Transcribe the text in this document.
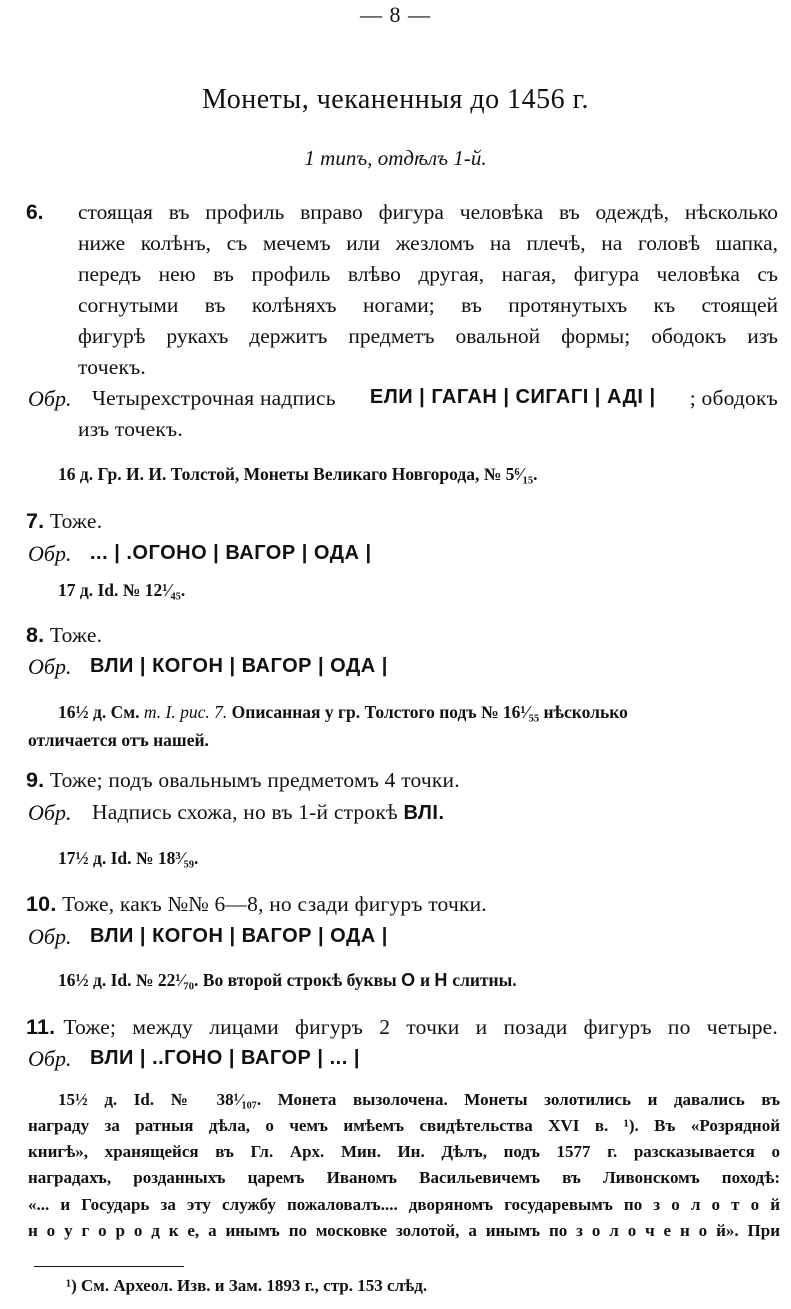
— 8 —
Монеты, чеканенныя до 1456 г.
1 типъ, отдѣлъ 1-й.
6. стоящая въ профиль вправо фигура человѣка въ одеждѣ, нѣсколько
ниже колѣнъ, съ мечемъ или жезломъ на плечѣ, на головѣ шапка,
передъ нею въ профиль влѣво другая, нагая, фигура человѣка съ
согнутыми въ колѣняхъ ногами; въ протянутыхъ къ стоящей
фигурѣ рукахъ держитъ предметъ овальной формы; ободокъ изъ
точекъ.
Обр. Четырехстрочная надпись ЕЛИ | ГАГАН | СИГАГI | АДI | ; ободокъ
изъ точекъ.
16 д. Гр. И. И. Толстой, Монеты Великаго Новгорода, № 5⁶⁄₁₅.
7. Тоже.
Обр. ... | .ОГОНО | ВАГОР | ОДА |
17 д. Id. № 12¹⁄₄₅.
8. Тоже.
Обр. ВЛИ | КОГОН | ВАГОР | ОДА |
16½ д. См. т. I. рис. 7. Описанная у гр. Толстого подъ № 16¹⁄₅₅ нѣсколько
отличается отъ нашей.
9. Тоже; подъ овальнымъ предметомъ 4 точки.
Обр. Надпись схожа, но въ 1-й строкѣ ВЛI.
17½ д. Id. № 18³⁄₅₉.
10. Тоже, какъ №№ 6—8, но сзади фигуръ точки.
Обр. ВЛИ | КОГОН | ВАГОР | ОДА |
16½ д. Id. № 22¹⁄₇₀. Во второй строкѣ буквы О и Н слитны.
11. Тоже; между лицами фигуръ 2 точки и позади фигуръ по четыре.
Обр. ВЛИ | ..ГОНО | ВАГОР | ... |
15½ д. Id. № 38¹⁄₁₀₇. Монета вызолочена. Монеты золотились и давались въ
награду за ратныя дѣла, о чемъ имѣемъ свидѣтельства XVI в. ¹). Въ «Розрядной
книгѣ», хранящейся въ Гл. Арх. Мин. Ин. Дѣлъ, подъ 1577 г. разсказывается о
наградахъ, розданныхъ царемъ Иваномъ Васильевичемъ въ Ливонскомъ походѣ:
«... и Государь за эту службу пожаловалъ.... дворяномъ государевымъ по з о л о т о й
н о у г о р о д к е, а инымъ по московке золотой, а инымъ по з о л о ч е н о й». При
¹) См. Археол. Изв. и Зам. 1893 г., стр. 153 слѣд.
